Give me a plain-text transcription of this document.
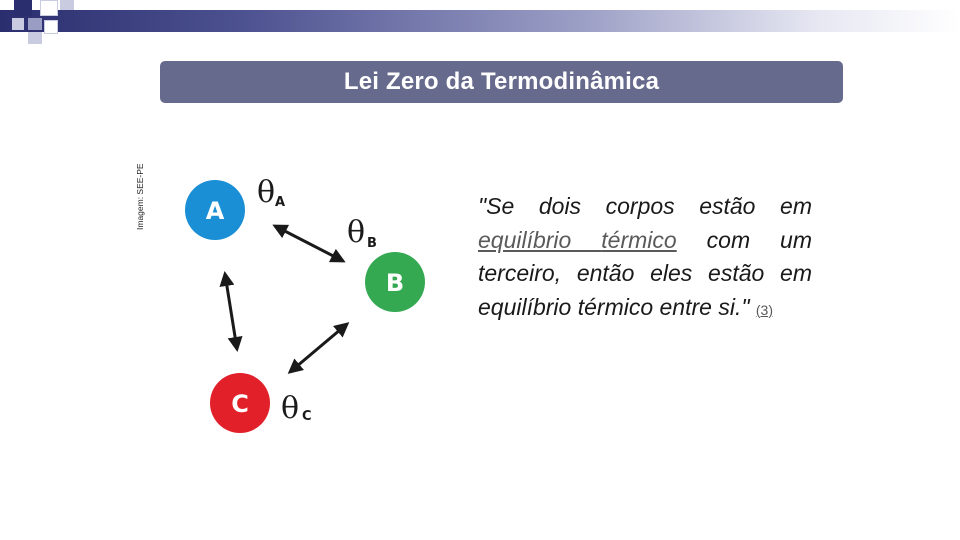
Lei Zero da Termodinâmica
Imagem: SEE-PE	A
θ A
B
θ B
C θ C
"Se dois corpos estão em equilíbrio térmico com um terceiro, então eles estão em equilíbrio térmico entre si." (3)
